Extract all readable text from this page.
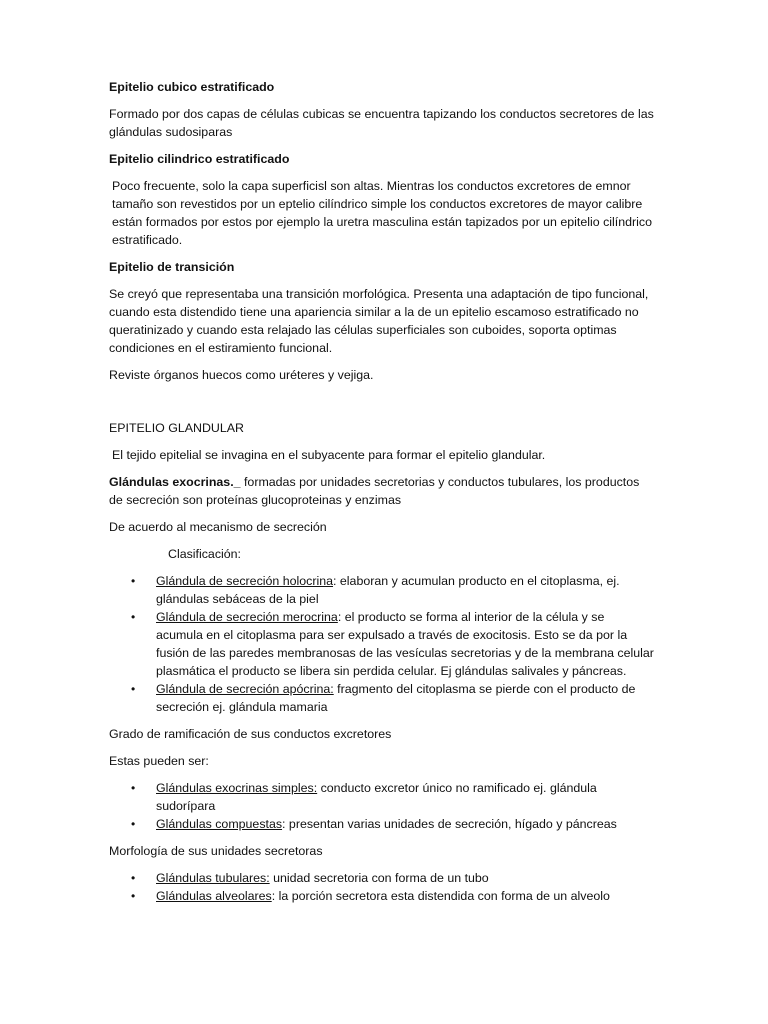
Epitelio cubico estratificado

Formado por dos capas de células cubicas se encuentra tapizando los conductos secretores de las glándulas sudosiparas

Epitelio cilindrico estratificado

Poco frecuente, solo la capa superficisl son altas. Mientras los conductos excretores de emnor tamaño son revestidos por un eptelio cilíndrico simple los conductos excretores de mayor calibre están formados por estos por ejemplo la uretra masculina están tapizados por un epitelio cilíndrico estratificado.

Epitelio de transición

Se creyó que representaba una transición morfológica. Presenta una adaptación de tipo funcional, cuando esta distendido tiene una apariencia similar a la de un epitelio escamoso estratificado no queratinizado y cuando esta relajado las células superficiales son cuboides, soporta optimas condiciones en el estiramiento funcional.

Reviste órganos huecos como uréteres y vejiga.

EPITELIO GLANDULAR

El tejido epitelial se invagina en el subyacente para formar el epitelio glandular.

Glándulas exocrinas._ formadas por unidades secretorias y conductos tubulares, los productos de secreción son proteínas glucoproteinas y enzimas

De acuerdo al mecanismo de secreción

Clasificación:

• Glándula de secreción holocrina: elaboran y acumulan producto en el citoplasma, ej. glándulas sebáceas de la piel
• Glándula de secreción merocrina: el producto se forma al interior de la célula y se acumula en el citoplasma para ser expulsado a través de exocitosis. Esto se da por la fusión de las paredes membranosas de las vesículas secretorias y de la membrana celular plasmática el producto se libera sin perdida celular. Ej glándulas salivales y páncreas.
• Glándula de secreción apócrina: fragmento del citoplasma se pierde con el producto de secreción ej. glándula mamaria

Grado de ramificación de sus conductos excretores

Estas pueden ser:

• Glándulas exocrinas simples: conducto excretor único no ramificado ej. glándula sudorípara
• Glándulas compuestas: presentan varias unidades de secreción, hígado y páncreas

Morfología de sus unidades secretoras

• Glándulas tubulares: unidad secretoria con forma de un tubo
• Glándulas alveolares: la porción secretora esta distendida con forma de un alveolo
